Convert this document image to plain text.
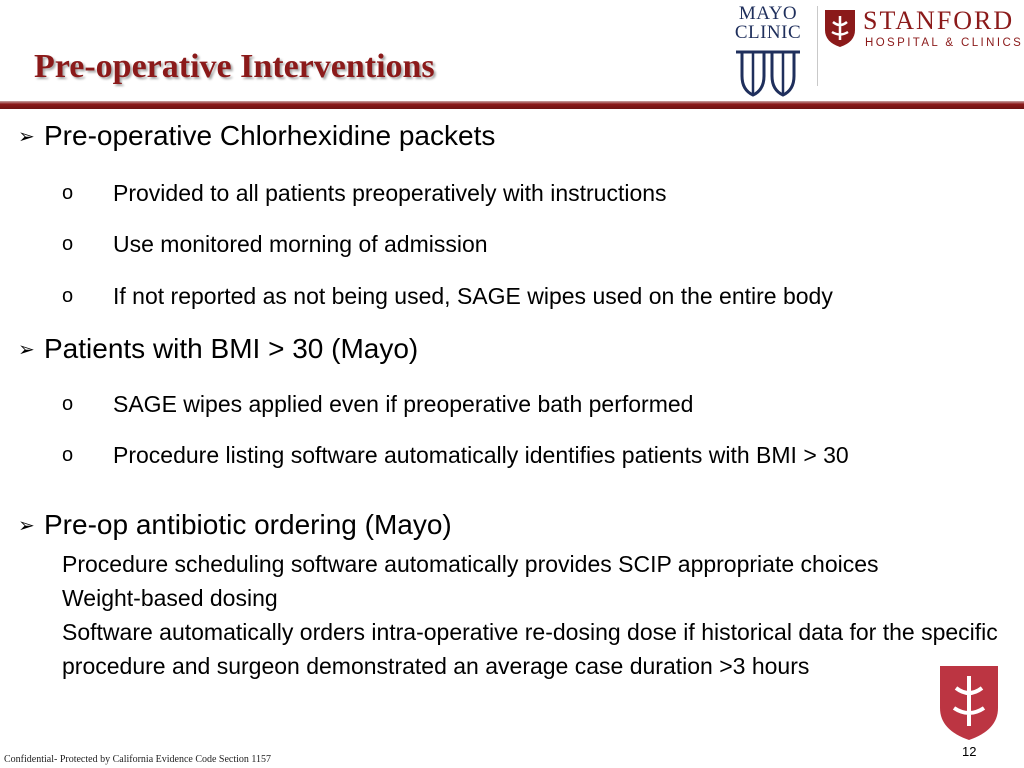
Pre-operative Interventions
MAYO
CLINIC STANFORD
HOSPITAL & CLINICS
➢ Pre-operative Chlorhexidine packets
o Provided to all patients preoperatively with instructions
o Use monitored morning of admission
o If not reported as not being used, SAGE wipes used on the entire body
➢ Patients with BMI > 30 (Mayo)
o SAGE wipes applied even if preoperative bath performed
o Procedure listing software automatically identifies patients with BMI > 30
➢ Pre-op antibiotic ordering (Mayo)
Procedure scheduling software automatically provides SCIP appropriate choices
Weight-based dosing
Software automatically orders intra-operative re-dosing dose if historical data for the specific procedure and surgeon demonstrated an average case duration >3 hours
Confidential- Protected by California Evidence Code Section 1157
12
